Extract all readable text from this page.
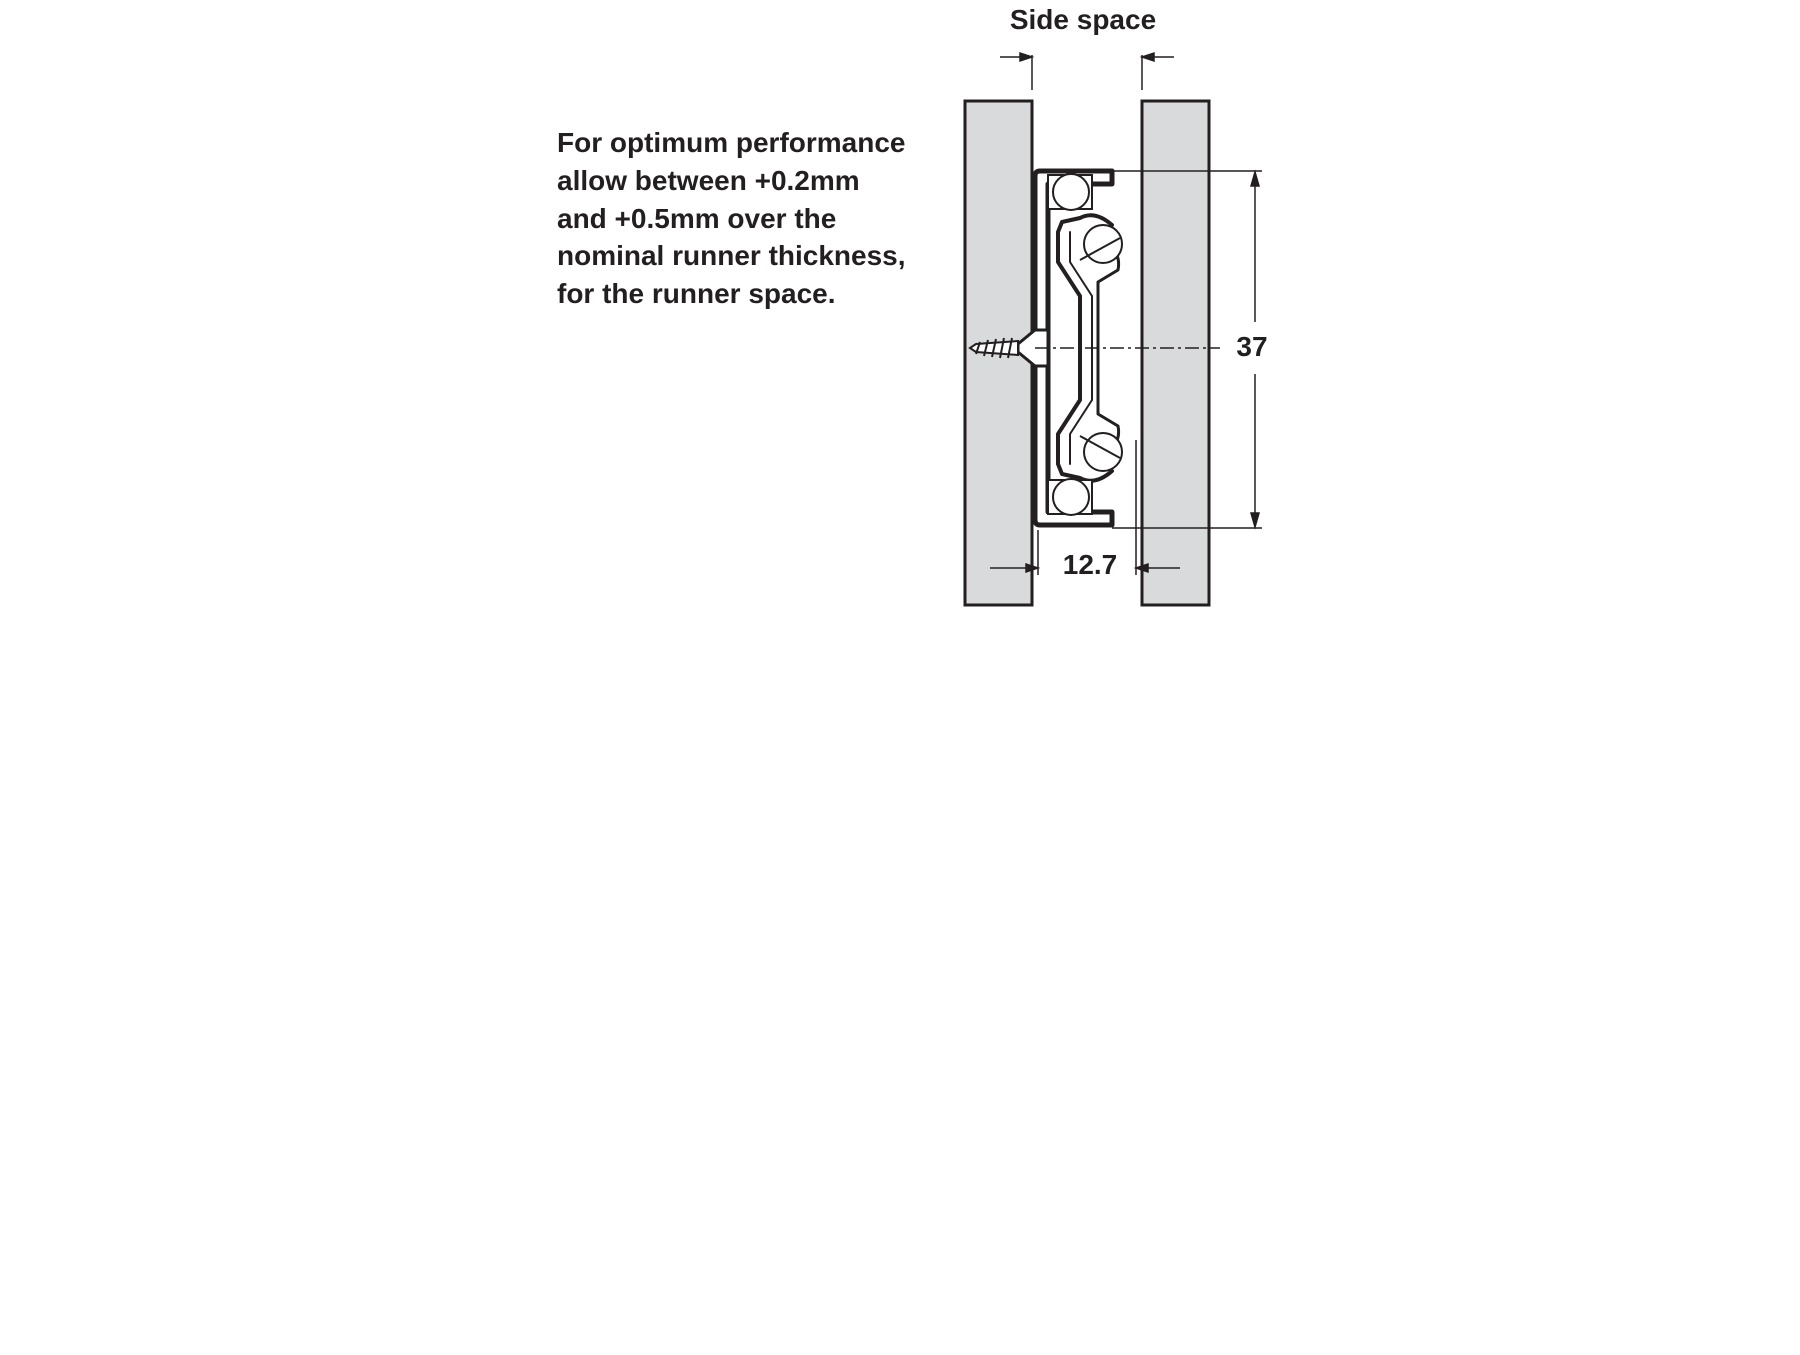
Side space
37
12.7
For optimum performance
allow between +0.2mm
and +0.5mm over the
nominal runner thickness,
for the runner space.
